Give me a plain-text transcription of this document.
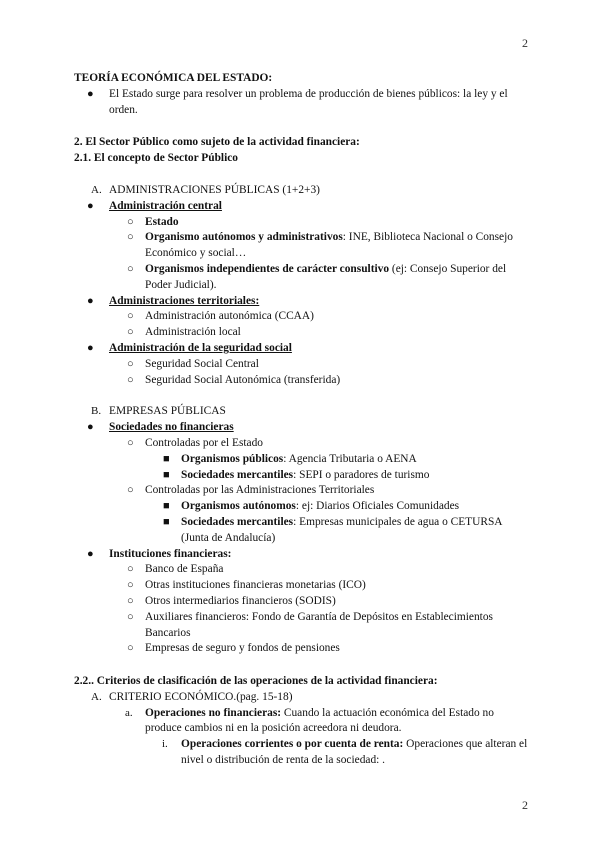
2
TEORÍA ECONÓMICA DEL ESTADO:
● El Estado surge para resolver un problema de producción de bienes públicos: la ley y el orden.
2. El Sector Público como sujeto de la actividad financiera:
2.1. El concepto de Sector Público
A. ADMINISTRACIONES PÚBLICAS (1+2+3)
● Administración central
○ Estado
○ Organismo autónomos y administrativos: INE, Biblioteca Nacional o Consejo Económico y social…
○ Organismos independientes de carácter consultivo (ej: Consejo Superior del Poder Judicial).
● Administraciones territoriales:
○ Administración autonómica (CCAA)
○ Administración local
● Administración de la seguridad social
○ Seguridad Social Central
○ Seguridad Social Autonómica (transferida)
B. EMPRESAS PÚBLICAS
● Sociedades no financieras
○ Controladas por el Estado
■ Organismos públicos: Agencia Tributaria o AENA
■ Sociedades mercantiles: SEPI o paradores de turismo
○ Controladas por las Administraciones Territoriales
■ Organismos autónomos: ej: Diarios Oficiales Comunidades
■ Sociedades mercantiles: Empresas municipales de agua o CETURSA (Junta de Andalucía)
● Instituciones financieras:
○ Banco de España
○ Otras instituciones financieras monetarias (ICO)
○ Otros intermediarios financieros (SODIS)
○ Auxiliares financieros: Fondo de Garantía de Depósitos en Establecimientos Bancarios
○ Empresas de seguro y fondos de pensiones
2.2.. Criterios de clasificación de las operaciones de la actividad financiera:
A. CRITERIO ECONÓMICO.(pag. 15-18)
a. Operaciones no financieras: Cuando la actuación económica del Estado no produce cambios ni en la posición acreedora ni deudora.
i. Operaciones corrientes o por cuenta de renta: Operaciones que alteran el nivel o distribución de renta de la sociedad: .
2
